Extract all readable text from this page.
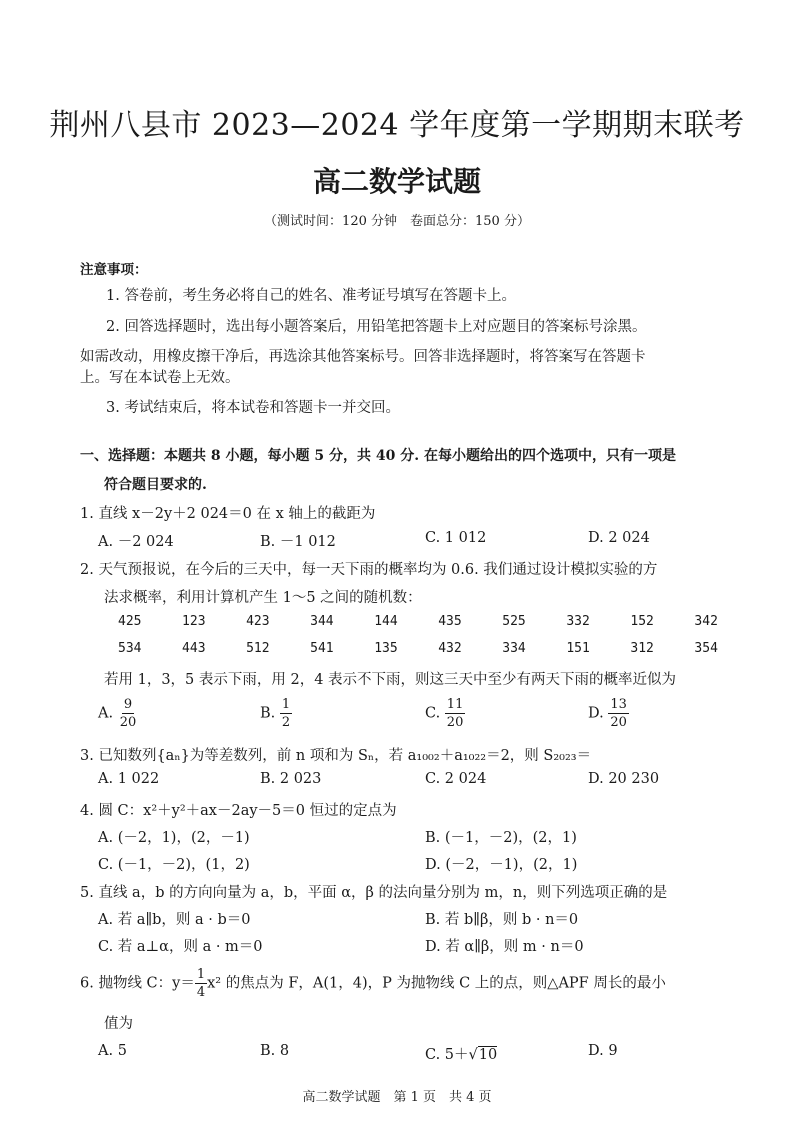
荆州八县市 2023—2024 学年度第一学期期末联考
高二数学试题
（测试时间：120 分钟　卷面总分：150 分）
注意事项：
1. 答卷前，考生务必将自己的姓名、准考证号填写在答题卡上。
2. 回答选择题时，选出每小题答案后，用铅笔把答题卡上对应题目的答案标号涂黑。
如需改动，用橡皮擦干净后，再选涂其他答案标号。回答非选择题时，将答案写在答题卡
上。写在本试卷上无效。
3. 考试结束后，将本试卷和答题卡一并交回。
一、选择题：本题共 8 小题，每小题 5 分，共 40 分. 在每小题给出的四个选项中，只有一项是
符合题目要求的.
1. 直线 x－2y＋2 024＝0 在 x 轴上的截距为
A. －2 024	B. －1 012	C. 1 012	D. 2 024
2. 天气预报说，在今后的三天中，每一天下雨的概率均为 0.6. 我们通过设计模拟实验的方
法求概率，利用计算机产生 1～5 之间的随机数：
425	123	423	344	144	435	525	332	152	342
534	443	512	541	135	432	334	151	312	354
若用 1，3，5 表示下雨，用 2，4 表示不下雨，则这三天中至少有两天下雨的概率近似为
A. $\frac{9}{20}$	B. $\frac{1}{2}$	C. $\frac{11}{20}$	D. $\frac{13}{20}$
3. 已知数列{aₙ}为等差数列，前 n 项和为 Sₙ，若 a₁₀₀₂＋a₁₀₂₂＝2，则 S₂₀₂₃＝
A. 1 022	B. 2 023	C. 2 024	D. 20 230
4. 圆 C：x²＋y²＋ax－2ay－5＝0 恒过的定点为
A. (－2，1)，(2，－1)	B. (－1，－2)，(2，1)
C. (－1，－2)，(1，2)	D. (－2，－1)，(2，1)
5. 直线 a，b 的方向向量为 a，b，平面 α，β 的法向量分别为 m，n，则下列选项正确的是
A. 若 a∥b，则 a · b＝0	B. 若 b∥β，则 b · n＝0
C. 若 a⊥α，则 a · m＝0	D. 若 α∥β，则 m · n＝0
6. 抛物线 C：$y= \frac{1}{4} x^2$ 的焦点为 F，A(1，4)，P 为抛物线 C 上的点，则△APF 周长的最小
值为
A. 5	B. 8	C. 5＋√10	D. 9
高二数学试题　第 1 页　共 4 页
